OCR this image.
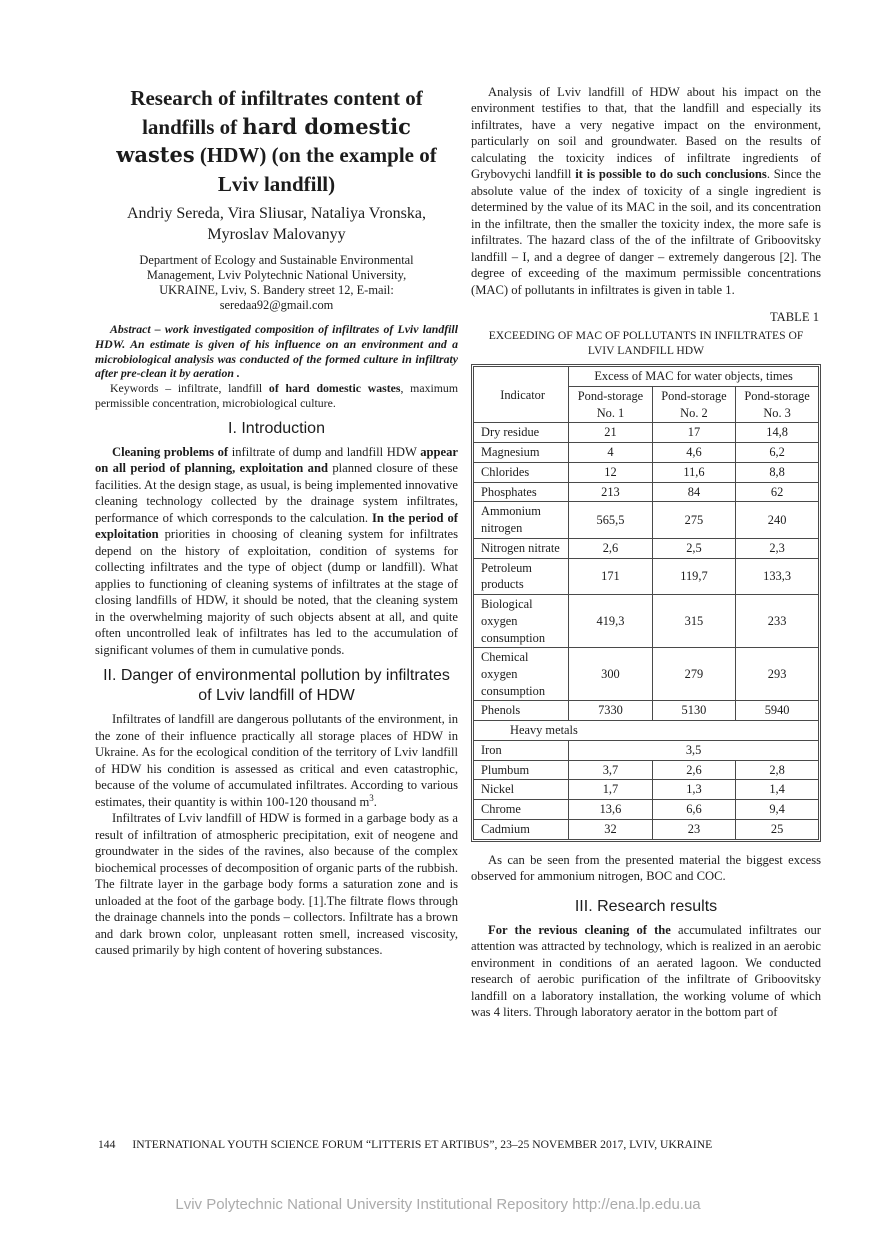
Research of infiltrates content of landfills of hard domestic wastes (HDW) (on the example of Lviv landfill)
Andriy Sereda, Vira Sliusar, Nataliya Vronska, Myroslav Malovanyy
Department of Ecology and Sustainable Environmental Management, Lviv Polytechnic National University, UKRAINE, Lviv, S. Bandery street 12, E-mail: seredaa92@gmail.com

Abstract – work investigated composition of infiltrates of Lviv landfill HDW. An estimate is given of his influence on an environment and a microbiological analysis was conducted of the formed culture in infiltraty after pre-clean it by aeration .

Keywords – infiltrate, landfill of hard domestic wastes, maximum permissible concentration, microbiological culture.

I. Introduction

Cleaning problems of infiltrate of dump and landfill HDW appear on all period of planning, exploitation and planned closure of these facilities. At the design stage, as usual, is being implemented innovative cleaning technology collected by the drainage system infiltrates, performance of which corresponds to the calculation. In the period of exploitation priorities in choosing of cleaning system for infiltrates depend on the history of exploitation, condition of systems for collecting infiltrates and the type of object (dump or landfill). What applies to functioning of cleaning systems of infiltrates at the stage of closing landfills of HDW, it should be noted, that the cleaning system in the overwhelming majority of such objects absent at all, and quite often uncontrolled leak of infiltrates has led to the accumulation of significant volumes of them in cumulative ponds.

II. Danger of environmental pollution by infiltrates of Lviv landfill of HDW

Infiltrates of landfill are dangerous pollutants of the environment, in the zone of their influence practically all storage places of HDW in Ukraine. As for the ecological condition of the territory of Lviv landfill of HDW his condition is assessed as critical and even catastrophic, because of the volume of accumulated infiltrates. According to various estimates, their quantity is within 100-120 thousand $m^3$.

Infiltrates of Lviv landfill of HDW is formed in a garbage body as a result of infiltration of atmospheric precipitation, exit of neogene and groundwater in the sides of the ravines, also because of the complex biochemical processes of decomposition of organic parts of the rubbish. The filtrate layer in the garbage body forms a saturation zone and is unloaded at the foot of the garbage body. [1].The filtrate flows through the drainage channels into the ponds – collectors. Infiltrate has a brown and dark brown color, unpleasant rotten smell, increased viscosity, caused primarily by high content of hovering substances.

Analysis of Lviv landfill of HDW about his impact on the environment testifies to that, that the landfill and especially its infiltrates, have a very negative impact on the environment, particularly on soil and groundwater. Based on the results of calculating the toxicity indices of infiltrate ingredients of Grybovychi landfill it is possible to do such conclusions. Since the absolute value of the index of toxicity of a single ingredient is determined by the value of its MAC in the soil, and its concentration in the infiltrate, then the smaller the toxicity index, the more safe is infiltrates. The hazard class of the of the infiltrate of Griboovitsky landfill – I, and a degree of danger – extremely dangerous [2]. The degree of exceeding of the maximum permissible concentrations (MAC) of pollutants in infiltrates is given in table 1.

TABLE 1
EXCEEDING OF MAC OF POLLUTANTS IN INFILTRATES OF LVIV LANDFILL HDW
Indicator	Excess of MAC for water objects, times		
	Pond-storage No. 1	Pond-storage No. 2	Pond-storage No. 3
Dry residue	21	17	14,8
Magnesium	4	4,6	6,2
Chlorides	12	11,6	8,8
Phosphates	213	84	62
Ammonium nitrogen	565,5	275	240
Nitrogen nitrate	2,6	2,5	2,3
Petroleum products	171	119,7	133,3
Biological oxygen consumption	419,3	315	233
Chemical oxygen consumption	300	279	293
Phenols	7330	5130	5940
Heavy metals			
Iron	3,5		
Plumbum	3,7	2,6	2,8
Nickel	1,7	1,3	1,4
Chrome	13,6	6,6	9,4
Cadmium	32	23	25

As can be seen from the presented material the biggest excess observed for ammonium nitrogen, BOC and COC.

III. Research results

For the revious cleaning of the accumulated infiltrates our attention was attracted by technology, which is realized in an aerobic environment in conditions of an aerated lagoon. We conducted research of aerobic purification of the infiltrate of Griboovitsky landfill on a laboratory installation, the working volume of which was 4 liters. Through laboratory aerator in the bottom part of

144 INTERNATIONAL YOUTH SCIENCE FORUM “LITTERIS ET ARTIBUS”, 23–25 NOVEMBER 2017, LVIV, UKRAINE
Lviv Polytechnic National University Institutional Repository http://ena.lp.edu.ua
